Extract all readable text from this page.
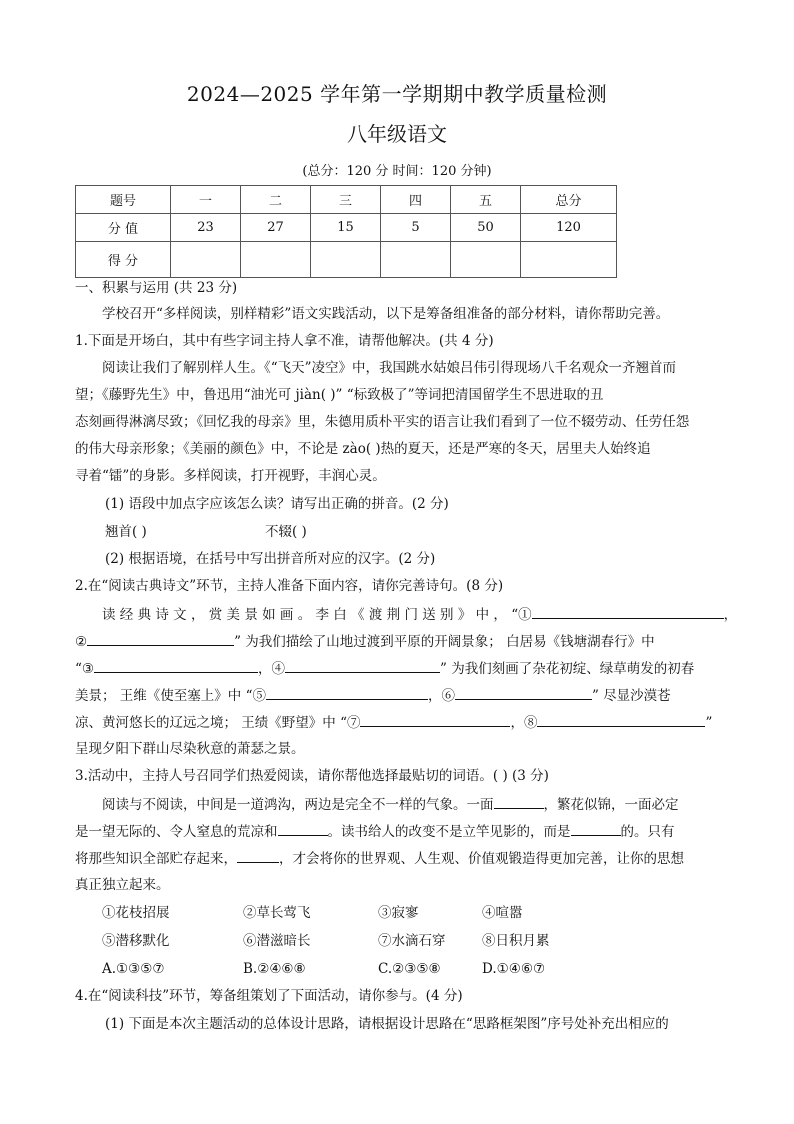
2024—2025 学年第一学期期中教学质量检测
八年级语文
(总分：120 分 时间：120 分钟)
题号	一	二	三	四	五	总分
分 值	23	27	15	5	50	120
得 分						
一、积累与运用 (共 23 分)
学校召开“多样阅读，别样精彩”语文实践活动，以下是筹备组准备的部分材料，请你帮助完善。
1.下面是开场白，其中有些字词主持人拿不准，请帮他解决。(共 4 分)
阅读让我们了解别样人生。《“飞天”凌空》中，我国跳水姑娘吕伟引得现场八千名观众一齐翘首而
望；《藤野先生》中，鲁迅用“油光可 jiàn( )” “标致极了”等词把清国留学生不思进取的丑
态刻画得淋漓尽致；《回忆我的母亲》里，朱德用质朴平实的语言让我们看到了一位不辍劳动、任劳任怨
的伟大母亲形象；《美丽的颜色》中，不论是 zào( )热的夏天，还是严寒的冬天，居里夫人始终追
寻着“镭”的身影。多样阅读，打开视野，丰润心灵。
(1) 语段中加点字应该怎么读？请写出正确的拼音。(2 分)
翘首( )	不辍( )
(2) 根据语境，在括号中写出拼音所对应的汉字。(2 分)
2.在“阅读古典诗文”环节，主持人准备下面内容，请你完善诗句。(8 分)
读 经 典 诗 文 ， 赏 美 景 如 画 。 李 白 《 渡 荆 门 送 别 》 中 ， “①	，
②	” 为我们描绘了山地过渡到平原的开阔景象； 白居易《钱塘湖春行》中
“③	，④	” 为我们刻画了杂花初绽、绿草萌发的初春
美景； 王维《使至塞上》中 “⑤	，⑥	” 尽显沙漠苍
凉、黄河悠长的辽远之境； 王绩《野望》中 “⑦	，⑧	”
呈现夕阳下群山尽染秋意的萧瑟之景。
3.活动中，主持人号召同学们热爱阅读，请你帮他选择最贴切的词语。( ) (3 分)
阅读与不阅读，中间是一道鸿沟，两边是完全不一样的气象。一面	，繁花似锦，一面必定
是一望无际的、令人窒息的荒凉和	。读书给人的改变不是立竿见影的，而是	的。只有
将那些知识全部贮存起来，	，才会将你的世界观、人生观、价值观锻造得更加完善，让你的思想
真正独立起来。
①花枝招展	②草长莺飞	③寂寥	④喧嚣
⑤潜移默化	⑥潜滋暗长	⑦水滴石穿	⑧日积月累
A.①③⑤⑦	B.②④⑥⑧	C.②③⑤⑧	D.①④⑥⑦
4.在“阅读科技”环节，筹备组策划了下面活动，请你参与。(4 分)
(1) 下面是本次主题活动的总体设计思路，请根据设计思路在“思路框架图”序号处补充出相应的
